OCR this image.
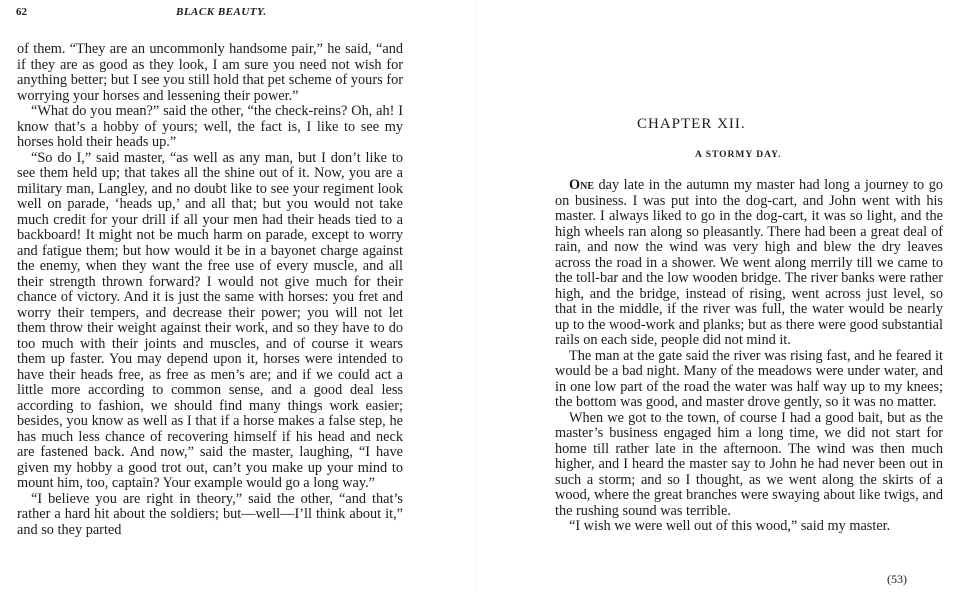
62	BLACK BEAUTY.

of them. “They are an uncommonly handsome pair,” he said, “and if they are as good as they look, I am sure you need not wish for anything better; but I see you still hold that pet scheme of yours for worrying your horses and lessening their power.”

“What do you mean?” said the other, “the check-reins? Oh, ah! I know that’s a hobby of yours; well, the fact is, I like to see my horses hold their heads up.”

“So do I,” said master, “as well as any man, but I don’t like to see them held up; that takes all the shine out of it. Now, you are a military man, Langley, and no doubt like to see your regiment look well on parade, ‘heads up,’ and all that; but you would not take much credit for your drill if all your men had their heads tied to a backboard! It might not be much harm on parade, except to worry and fatigue them; but how would it be in a bayonet charge against the enemy, when they want the free use of every muscle, and all their strength thrown forward? I would not give much for their chance of victory. And it is just the same with horses: you fret and worry their tempers, and decrease their power; you will not let them throw their weight against their work, and so they have to do too much with their joints and muscles, and of course it wears them up faster. You may depend upon it, horses were intended to have their heads free, as free as men’s are; and if we could act a little more according to common sense, and a good deal less according to fashion, we should find many things work easier; besides, you know as well as I that if a horse makes a false step, he has much less chance of recovering himself if his head and neck are fastened back. And now,” said the master, laughing, “I have given my hobby a good trot out, can’t you make up your mind to mount him, too, captain? Your example would go a long way.”

“I believe you are right in theory,” said the other, “and that’s rather a hard hit about the soldiers; but—well—I’ll think about it,” and so they parted

CHAPTER XII.
A STORMY DAY.

One day late in the autumn my master had long a journey to go on business. I was put into the dog-cart, and John went with his master. I always liked to go in the dog-cart, it was so light, and the high wheels ran along so pleasantly. There had been a great deal of rain, and now the wind was very high and blew the dry leaves across the road in a shower. We went along merrily till we came to the toll-bar and the low wooden bridge. The river banks were rather high, and the bridge, instead of rising, went across just level, so that in the middle, if the river was full, the water would be nearly up to the wood-work and planks; but as there were good substantial rails on each side, people did not mind it.

The man at the gate said the river was rising fast, and he feared it would be a bad night. Many of the meadows were under water, and in one low part of the road the water was half way up to my knees; the bottom was good, and master drove gently, so it was no matter.

When we got to the town, of course I had a good bait, but as the master’s business engaged him a long time, we did not start for home till rather late in the afternoon. The wind was then much higher, and I heard the master say to John he had never been out in such a storm; and so I thought, as we went along the skirts of a wood, where the great branches were swaying about like twigs, and the rushing sound was terrible.

“I wish we were well out of this wood,” said my master.

(53)
